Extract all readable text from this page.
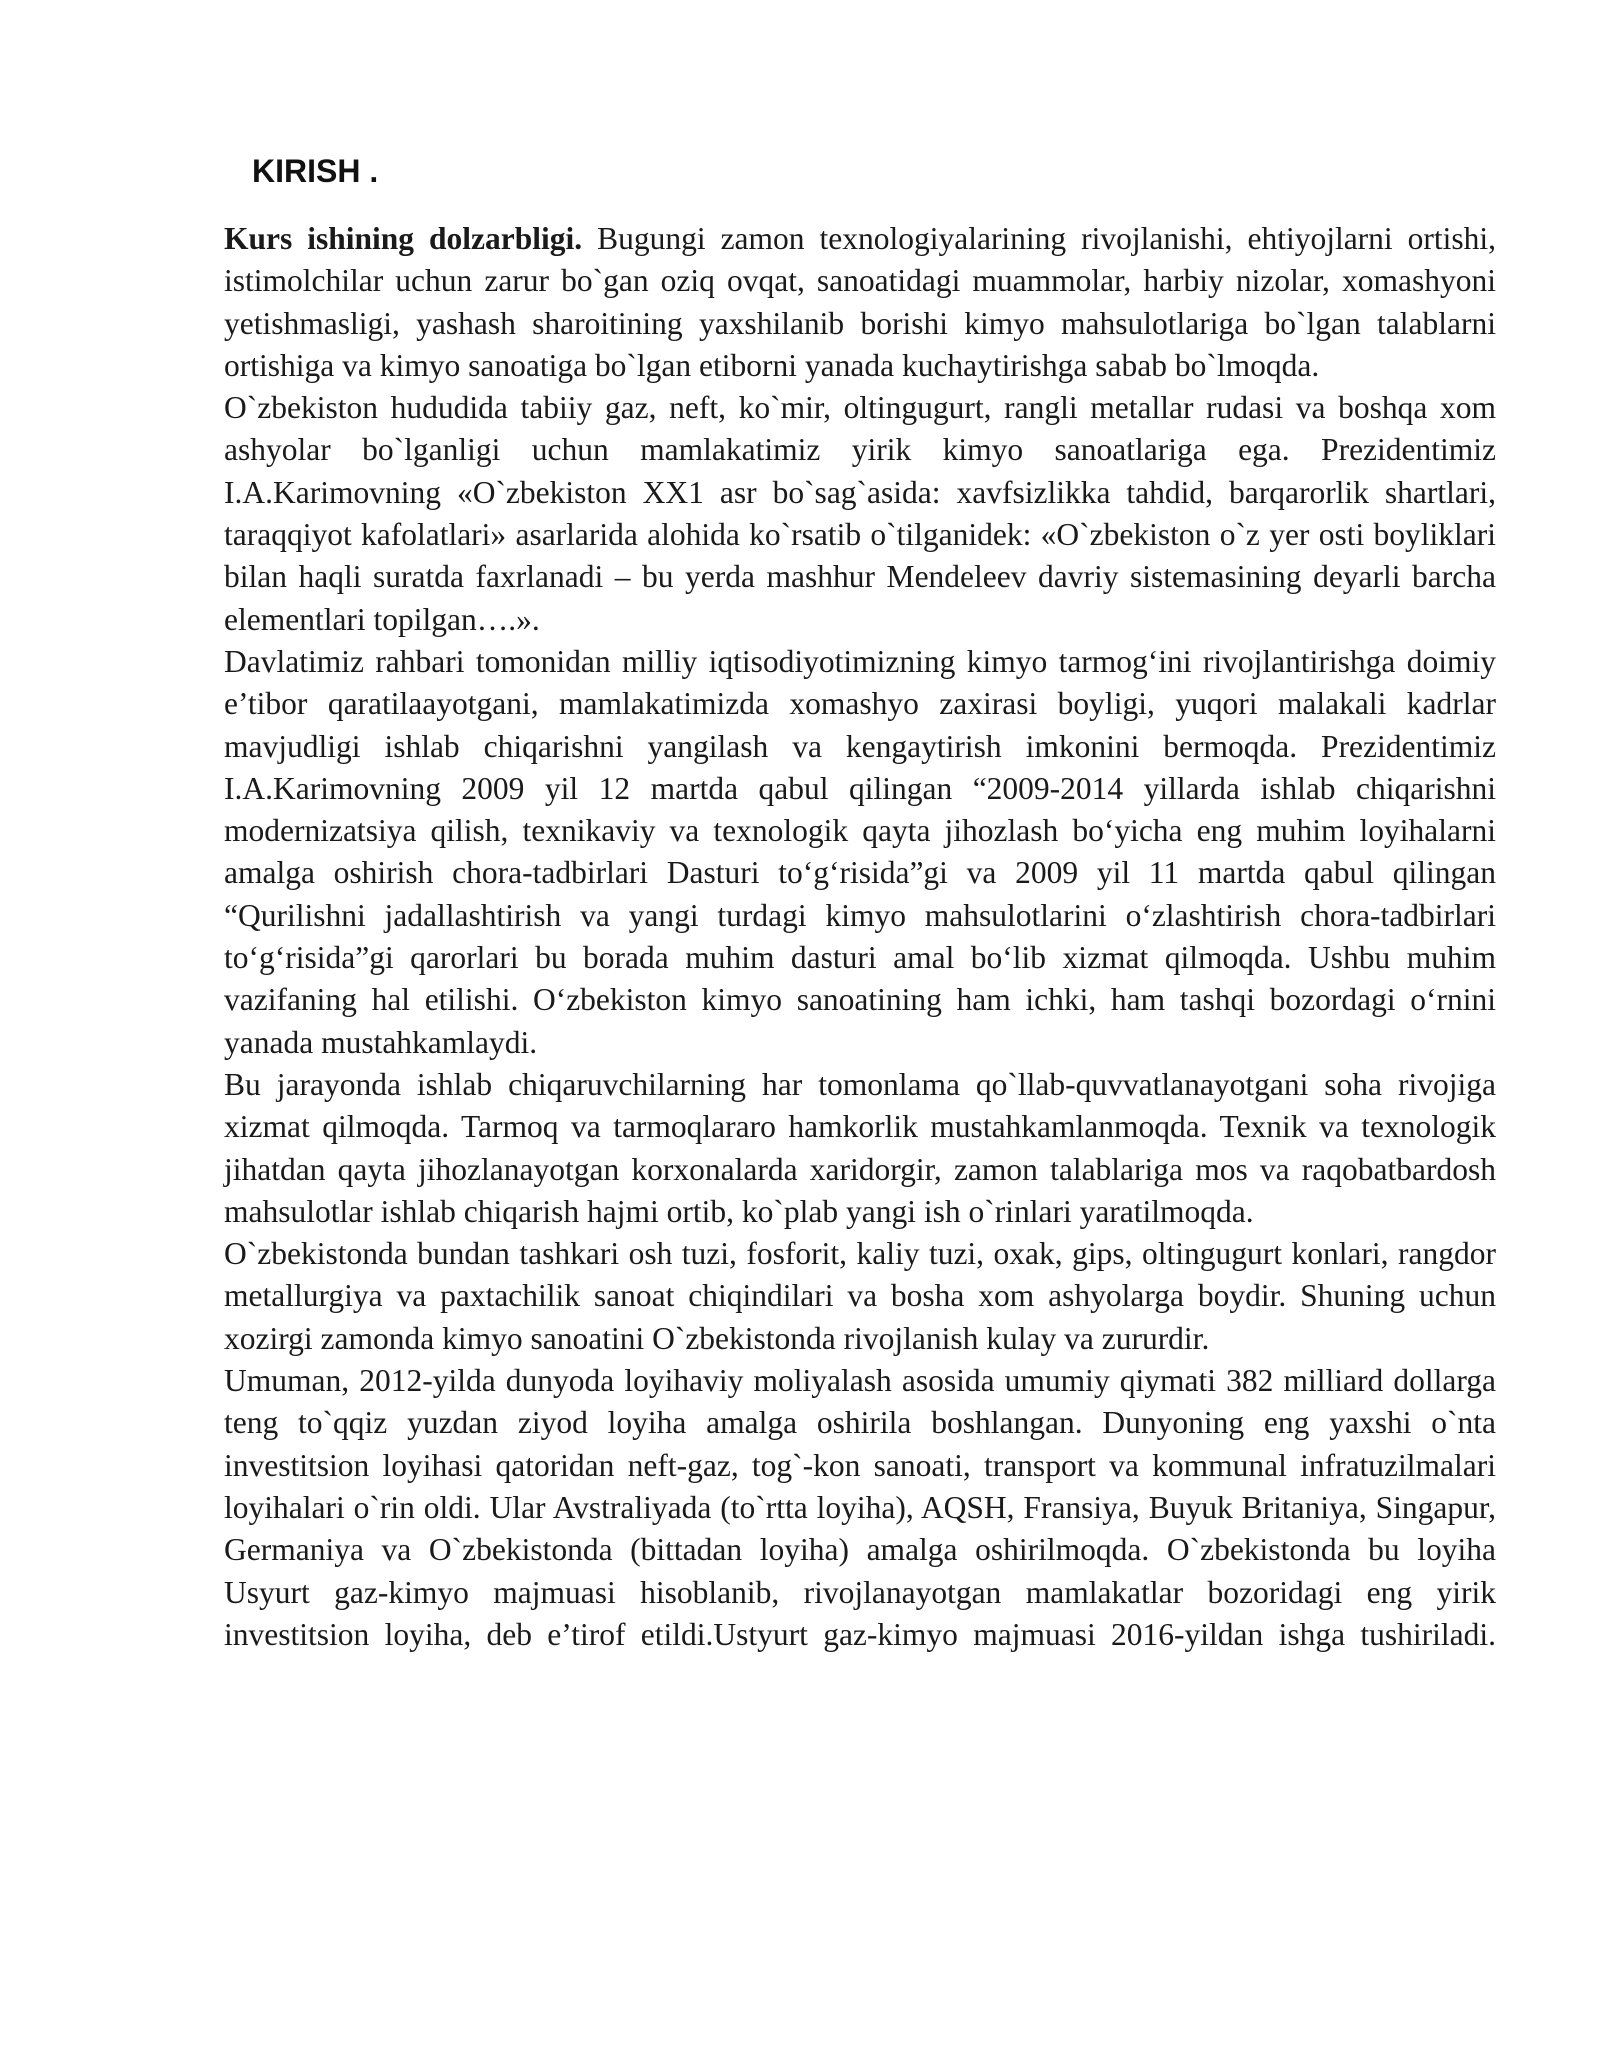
KIRISH .

Kurs ishining dolzarbligi. Bugungi zamon texnologiyalarining rivojlanishi, ehtiyojlarni ortishi, istimolchilar uchun zarur bo`gan oziq ovqat, sanoatidagi muammolar, harbiy nizolar, xomashyoni yetishmasligi, yashash sharoitining yaxshilanib borishi kimyo mahsulotlariga bo`lgan talablarni ortishiga va kimyo sanoatiga bo`lgan etiborni yanada kuchaytirishga sabab bo`lmoqda.

O`zbekiston hududida tabiiy gaz, neft, ko`mir, oltingugurt, rangli metallar rudasi va boshqa xom ashyolar bo`lganligi uchun mamlakatimiz yirik kimyo sanoatlariga ega. Prezidentimiz I.A.Karimovning «O`zbekiston XX1 asr bo`sag`asida: xavfsizlikka tahdid, barqarorlik shartlari, taraqqiyot kafolatlari» asarlarida alohida ko`rsatib o`tilganidek: «O`zbekiston o`z yer osti boyliklari bilan haqli suratda faxrlanadi – bu yerda mashhur Mendeleev davriy sistemasining deyarli barcha elementlari topilgan….».

Davlatimiz rahbari tomonidan milliy iqtisodiyotimizning kimyo tarmog‘ini rivojlantirishga doimiy e’tibor qaratilaayotgani, mamlakatimizda xomashyo zaxirasi boyligi, yuqori malakali kadrlar mavjudligi ishlab chiqarishni yangilash va kengaytirish imkonini bermoqda. Prezidentimiz I.A.Karimovning 2009 yil 12 martda qabul qilingan “2009-2014 yillarda ishlab chiqarishni modernizatsiya qilish, texnikaviy va texnologik qayta jihozlash bo‘yicha eng muhim loyihalarni amalga oshirish chora-tadbirlari Dasturi to‘g‘risida”gi va 2009 yil 11 martda qabul qilingan “Qurilishni jadallashtirish va yangi turdagi kimyo mahsulotlarini o‘zlashtirish chora-tadbirlari to‘g‘risida”gi qarorlari bu borada muhim dasturi amal bo‘lib xizmat qilmoqda. Ushbu muhim vazifaning hal etilishi. O‘zbekiston kimyo sanoatining ham ichki, ham tashqi bozordagi o‘rnini yanada mustahkamlaydi.

Bu jarayonda ishlab chiqaruvchilarning har tomonlama qo`llab-quvvatlanayotgani soha rivojiga xizmat qilmoqda. Tarmoq va tarmoqlararo hamkorlik mustahkamlanmoqda. Texnik va texnologik jihatdan qayta jihozlanayotgan korxonalarda xaridorgir, zamon talablariga mos va raqobatbardosh mahsulotlar ishlab chiqarish hajmi ortib, ko`plab yangi ish o`rinlari yaratilmoqda.

O`zbekistonda bundan tashkari osh tuzi, fosforit, kaliy tuzi, oxak, gips, oltingugurt konlari, rangdor metallurgiya va paxtachilik sanoat chiqindilari va bosha xom ashyolarga boydir. Shuning uchun xozirgi zamonda kimyo sanoatini O`zbekistonda rivojlanish kulay va zururdir.

Umuman, 2012-yilda dunyoda loyihaviy moliyalash asosida umumiy qiymati 382 milliard dollarga teng to`qqiz yuzdan ziyod loyiha amalga oshirila boshlangan. Dunyoning eng yaxshi o`nta investitsion loyihasi qatoridan neft-gaz, tog`-kon sanoati, transport va kommunal infratuzilmalari loyihalari o`rin oldi. Ular Avstraliyada (to`rtta loyiha), AQSH, Fransiya, Buyuk Britaniya, Singapur, Germaniya va O`zbekistonda (bittadan loyiha) amalga oshirilmoqda. O`zbekistonda bu loyiha Usyurt gaz-kimyo majmuasi hisoblanib, rivojlanayotgan mamlakatlar bozoridagi eng yirik investitsion loyiha, deb e’tirof etildi.Ustyurt gaz-kimyo majmuasi 2016-yildan ishga tushiriladi.
